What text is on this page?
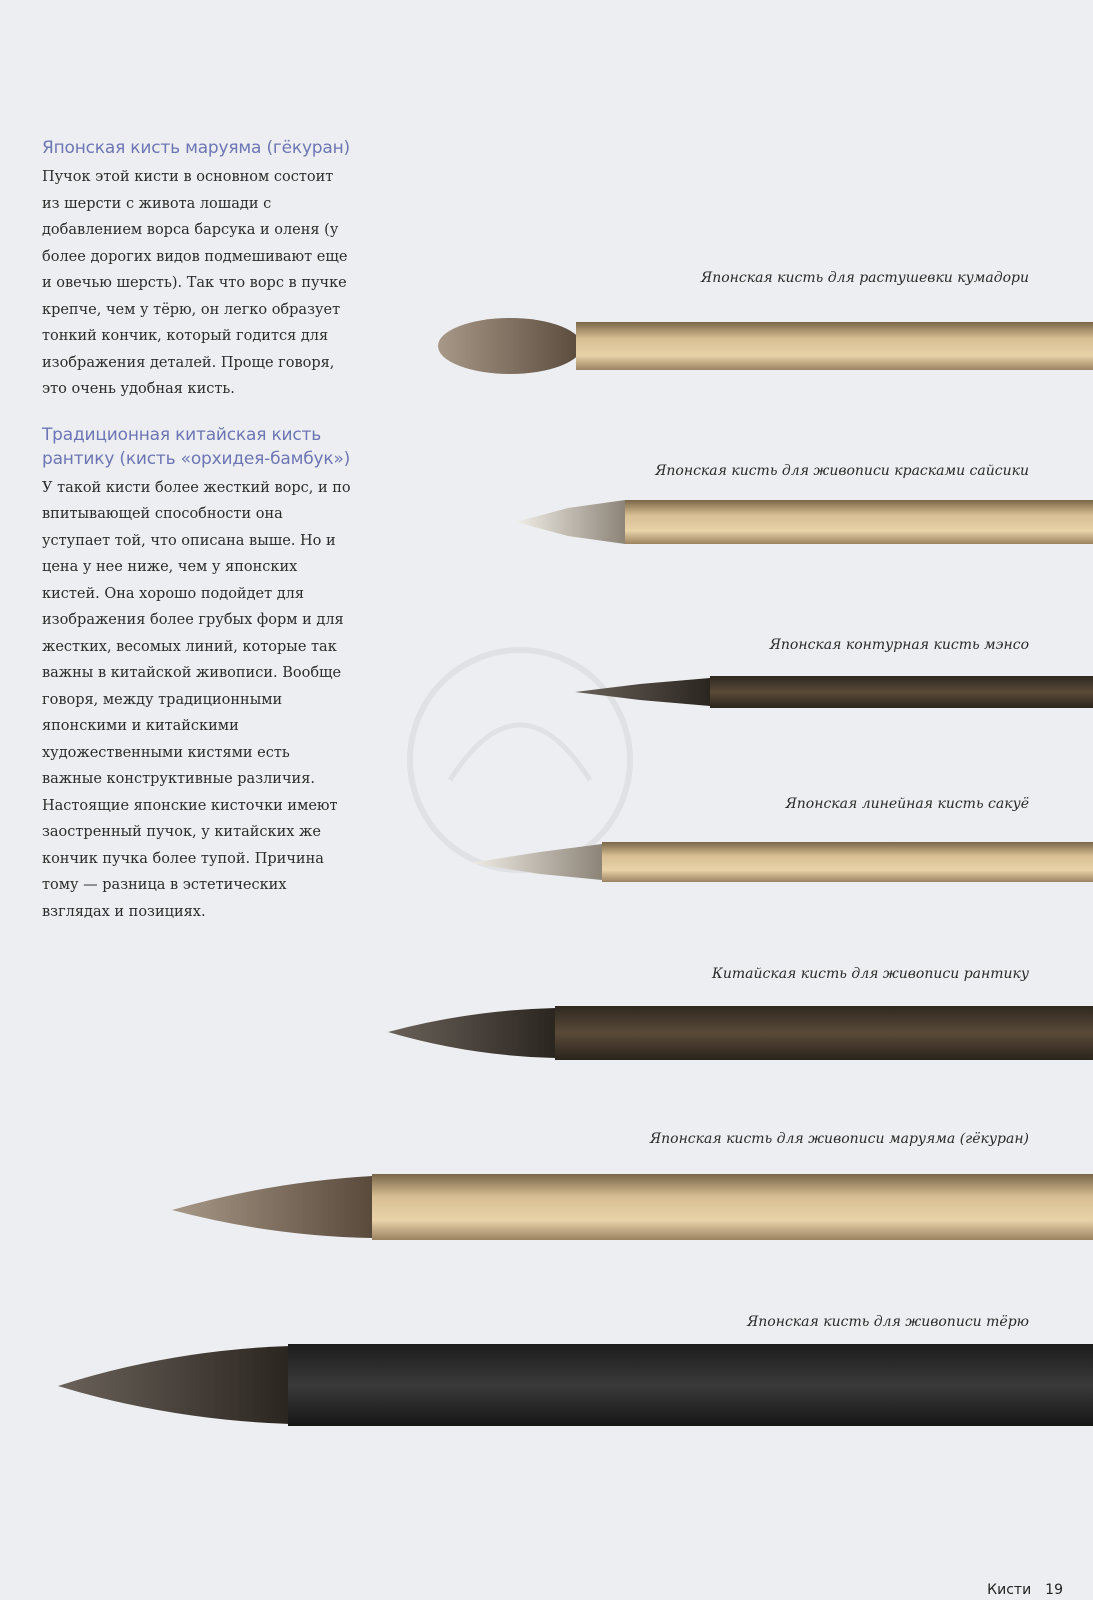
Японская кисть маруяма (гёкуран)

Пучок этой кисти в основном состоит из шерсти с живота лошади с добавлением ворса барсука и оленя (у более дорогих видов подмешивают еще и овечью шерсть). Так что ворс в пучке крепче, чем у тёрю, он легко образует тонкий кончик, который годится для изображения деталей. Проще говоря, это очень удобная кисть.

Традиционная китайская кисть рантику (кисть «орхидея-бамбук»)

У такой кисти более жесткий ворс, и по впитывающей способности она уступает той, что описана выше. Но и цена у нее ниже, чем у японских кистей. Она хорошо подойдет для изображения более грубых форм и для жестких, весомых линий, которые так важны в китайской живописи. Вообще говоря, между традиционными японскими и китайскими художественными кистями есть важные конструктивные различия. Настоящие японские кисточки имеют заостренный пучок, у китайских же кончик пучка более тупой. Причина тому — разница в эстетических взглядах и позициях.

Японская кисть для растушевки кумадори
Японская кисть для живописи красками сайсики
Японская контурная кисть мэнсо
Японская линейная кисть сакуё
Китайская кисть для живописи рантику
Японская кисть для живописи маруяма (гёкуран)
Японская кисть для живописи тёрю
Кисти 19
